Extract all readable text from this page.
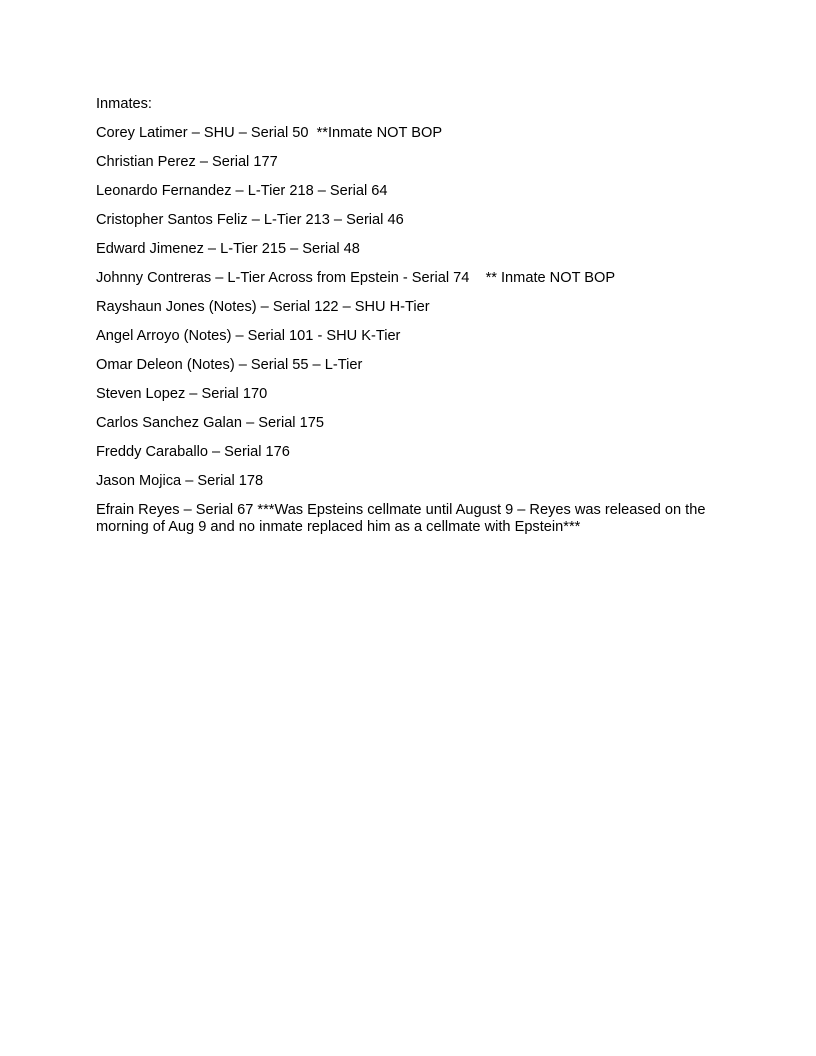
Inmates:

Corey Latimer – SHU – Serial 50  **Inmate NOT BOP
Christian Perez – Serial 177
Leonardo Fernandez – L-Tier 218 – Serial 64
Cristopher Santos Feliz – L-Tier 213 – Serial 46
Edward Jimenez – L-Tier 215 – Serial 48
Johnny Contreras – L-Tier Across from Epstein - Serial 74    ** Inmate NOT BOP
Rayshaun Jones (Notes) – Serial 122 – SHU H-Tier
Angel Arroyo (Notes) – Serial 101 - SHU K-Tier
Omar Deleon (Notes) – Serial 55 – L-Tier
Steven Lopez – Serial 170
Carlos Sanchez Galan – Serial 175
Freddy Caraballo – Serial 176
Jason Mojica – Serial 178
Efrain Reyes – Serial 67 ***Was Epsteins cellmate until August 9 – Reyes was released on the morning of Aug 9 and no inmate replaced him as a cellmate with Epstein***
